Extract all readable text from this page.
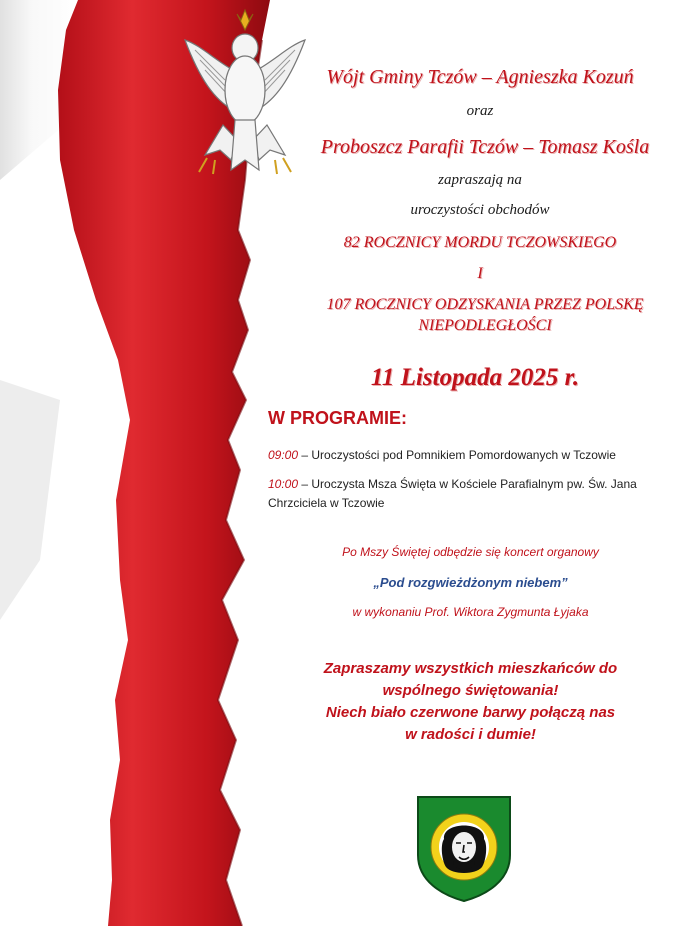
Wójt Gminy Tczów – Agnieszka Kozuń
oraz
Proboszcz Parafii Tczów – Tomasz Kośla
zapraszają na
uroczystości obchodów
82 ROCZNICY MORDU TCZOWSKIEGO
I
107 ROCZNICY ODZYSKANIA PRZEZ POLSKĘ
NIEPODLEGŁOŚCI
11 Listopada 2025 r.
W PROGRAMIE:
09:00 – Uroczystości pod Pomnikiem Pomordowanych w Tczowie
10:00 – Uroczysta Msza Święta w Kościele Parafialnym pw. Św. Jana
Chrzciciela w Tczowie
Po Mszy Świętej odbędzie się koncert organowy
„Pod rozgwieżdżonym niebem”
w wykonaniu Prof. Wiktora Zygmunta Łyjaka
Zapraszamy wszystkich mieszkańców do
wspólnego świętowania!
Niech biało czerwone barwy połączą nas
w radości i dumie!
